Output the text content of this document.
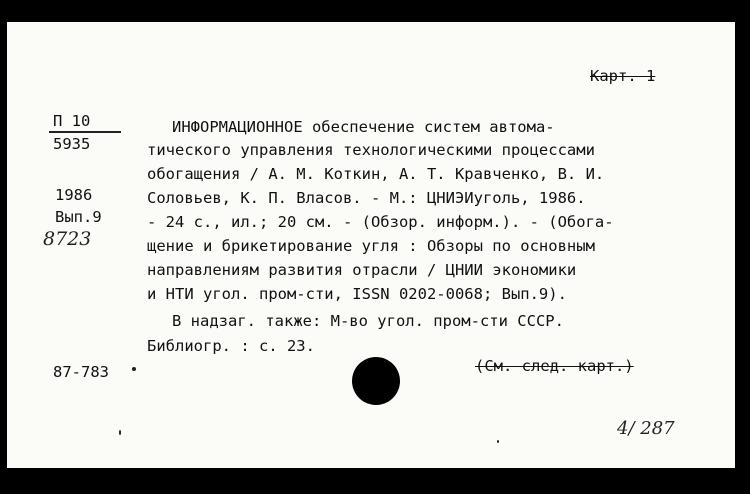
Карт. 1
П 10
5935
1986
Вып.9
8723
87-783
ИНФОРМАЦИОННОЕ обеспечение систем автома-
тического управления технологическими процессами
обогащения / А. М. Коткин, А. Т. Кравченко, В. И.
Соловьев, К. П. Власов. - М.: ЦНИЭИуголь, 1986.
- 24 с., ил.; 20 см. - (Обзор. информ.). - (Обога-
щение и брикетирование угля : Обзоры по основным
направлениям развития отрасли / ЦНИИ экономики
и НТИ угол. пром-сти, ISSN 0202-0068; Вып.9).
В надзаг. также: М-во угол. пром-сти СССР.
Библиогр. : с. 23.
(См. след. карт.)
4/ 287
